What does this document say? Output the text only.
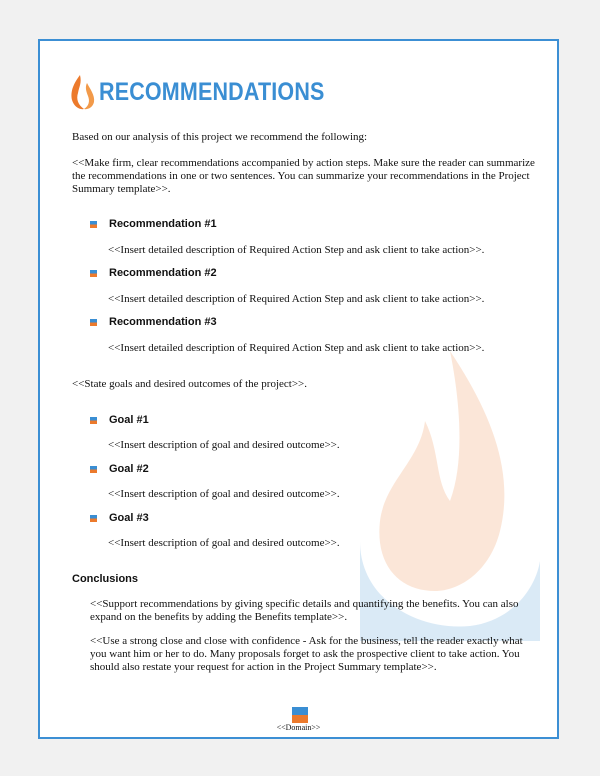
RECOMMENDATIONS
Based on our analysis of this project we recommend the following:
<<Make firm, clear recommendations accompanied by action steps. Make sure the reader can summarize the recommendations in one or two sentences. You can summarize your recommendations in the Project Summary template>>.
Recommendation #1
<<Insert detailed description of Required Action Step and ask client to take action>>.
Recommendation #2
<<Insert detailed description of Required Action Step and ask client to take action>>.
Recommendation #3
<<Insert detailed description of Required Action Step and ask client to take action>>.
<<State goals and desired outcomes of the project>>.
Goal #1
<<Insert description of goal and desired outcome>>.
Goal #2
<<Insert description of goal and desired outcome>>.
Goal #3
<<Insert description of goal and desired outcome>>.
Conclusions
<<Support recommendations by giving specific details and quantifying the benefits. You can also expand on the benefits by adding the Benefits template>>.
<<Use a strong close and close with confidence - Ask for the business, tell the reader exactly what you want him or her to do. Many proposals forget to ask the prospective client to take action. You should also restate your request for action in the Project Summary template>>.
<<Domain>>
